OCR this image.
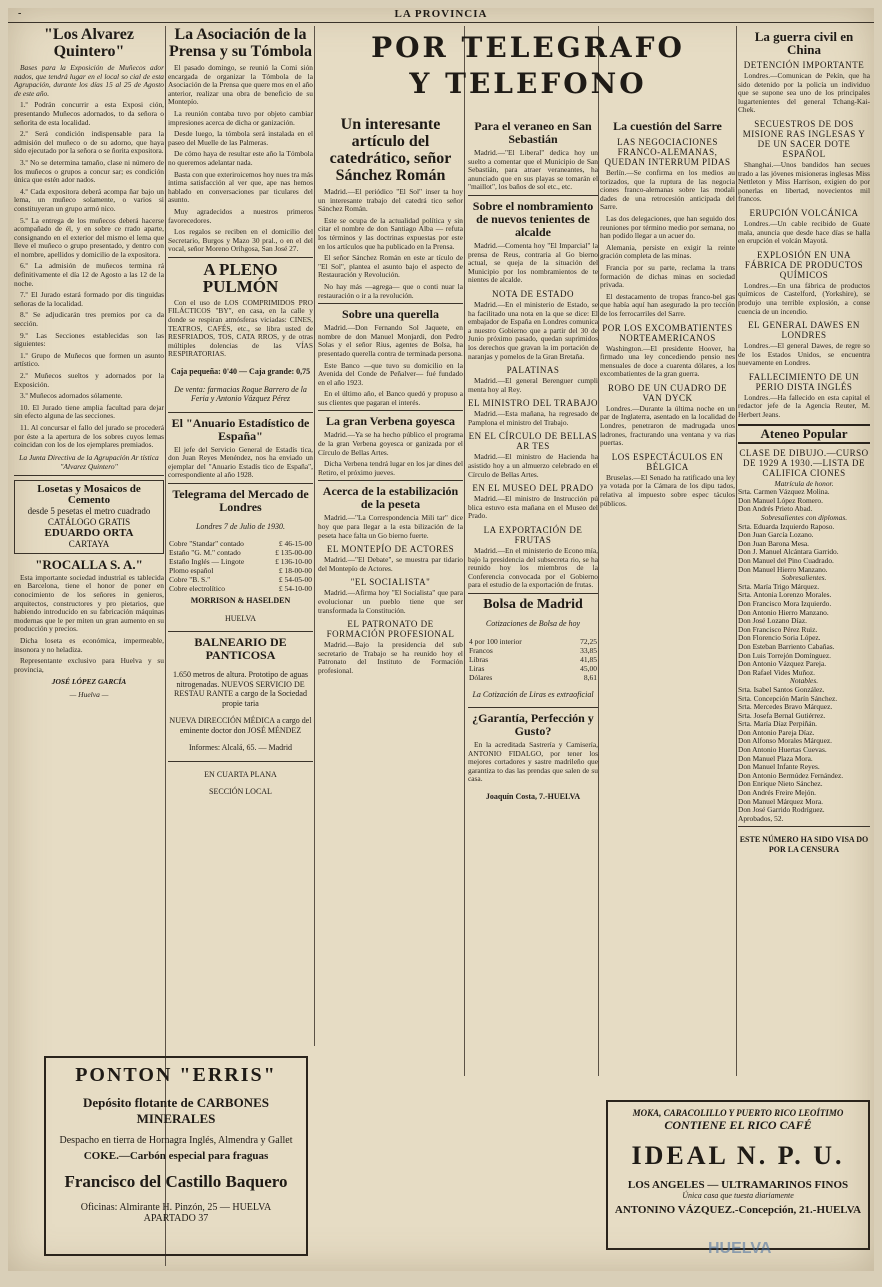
-	LA PROVINCIA
"Los Alvarez Quintero"

Bases para la Exposición de Muñecos ador nados, que tendrá lugar en el local so cial de esta Agrupación, durante los días 15 al 25 de Agosto de este año.

1.º Podrán concurrir a esta Exposi ción, presentando Muñecos adornados, to da señora o señorita de esta localidad.

2.º Será condición indispensable para la admisión del muñeco o de su adorno, que haya sido ejecutado por la señora o se ñorita expositora.

3.º No se determina tamaño, clase ni número de los muñecos o grupos a concur sar; es condición única que estén ador nados.

4.º Cada expositora deberá acompa ñar bajo un lema, un muñeco solamente, o varios si constituyeran un grupo armó nico.

5.º La entrega de los muñecos deberá hacerse acompañado de él, y en sobre ce rrado aparte, consignando en el exterior del mismo el lema que lleve el muñeco o grupo presentado, y dentro con el nombre, apellidos y domicilio de la expositora.

6.º La admisión de muñecos termina rá definitivamente el día 12 de Agosto a las 12 de la noche.

7.º El Jurado estará formado por dis tinguidas señoras de la localidad.

8.º Se adjudicarán tres premios por ca da sección.

9.º Las Secciones establecidas son las siguientes:

1.º Grupo de Muñecos que formen un asunto artístico.

2.º Muñecos sueltos y adornados por la Exposición.

3.º Muñecos adornados sólamente.

10. El Jurado tiene amplia facultad para dejar sin efecto alguna de las secciones.

11. Al concursar el fallo del jurado se procederá por éste a la apertura de los sobres cuyos lemas coincidan con los de los ejemplares premiados.

La Junta Directiva de la Agrupación Ar tística "Alvarez Quintero"

Losetas y Mosaicos de Cemento
desde 5 pesetas el metro cuadrado
CATÁLOGO GRATIS
EDUARDO ORTA
CARTAYA
"ROCALLA S. A."

Esta importante sociedad industrial es tablecida en Barcelona, tiene el honor de poner en conocimiento de los señores in genieros, arquitectos, constructores y pro pietarios, que habiendo introducido en su fabricación máquinas modernas que le per miten un gran aumento en su producción y precios.

Dicha loseta es económica, impermeable, insonora y no heladiza.

Representante exclusivo para Huelva y su provincia,

JOSÉ LÓPEZ GARCÍA

— Huelva —

La Asociación de la Prensa y su Tómbola

El pasado domingo, se reunió la Comi sión encargada de organizar la Tómbola de la Asociación de la Prensa que quere mos en el año anterior, realizar una obra de beneficio de su Montepío.

La reunión contaba tuvo por objeto cambiar impresiones acerca de dicha or ganización.

Desde luego, la tómbola será instalada en el paseo del Muelle de las Palmeras.

De cómo haya de resultar este año la Tómbola no queremos adelantar nada.

Basta con que exteriroicemos hoy nues tra más íntima satisfacción al ver que, ape nas hemos hablado en conversaciones par ticulares del asunto.

Muy agradecidos a nuestros primeros favorecedores.

Los regalos se reciben en el domicilio del Secretario, Burgos y Mazo 30 pral., o en el del vocal, señor Moreno Orihgosa, San José 27.

A PLENO PULMÓN

Con el uso de LOS COMPRIMIDOS PRO FILÁCTICOS "BY", en casa, en la calle y donde se respiran atmósferas viciadas: CINES, TEATROS, CAFÉS, etc., se libra usted de RESFRIADOS, TOS, CATA RROS, y de otras múltiples dolencias de las VÍAS RESPIRATORIAS.

Caja pequeña: 0'40 — Caja grande: 0,75

De venta: farmacias Roque Barrero de la Feria y Antonio Vázquez Pérez

El "Anuario Estadístico de España"

El jefe del Servicio General de Estadís tica, don Juan Reyes Menéndez, nos ha enviado un ejemplar del "Anuario Estadís tico de España", correspondiente al año 1928.

Telegrama del Mercado de Londres

Londres 7 de Julio de 1930.

Cobre "Standar" contado	£ 46-15-00
Estaño "G. M." contado	£ 135-00-00
Estaño Inglés — Lingote	£ 136-10-00
Plomo español	£ 18-00-00
Cobre "B. S."	£ 54-05-00
Cobre electrolítico	£ 54-10-00

MORRISON & HASELDEN

HUELVA

BALNEARIO DE PANTICOSA

1.650 metros de altura. Prototipo de aguas nitrogenadas. NUEVOS SERVICIO DE RESTAU RANTE a cargo de la Sociedad propie taria

NUEVA DIRECCIÓN MÉDICA a cargo del eminente doctor don JOSÉ MÉNDEZ

Informes: Alcalá, 65. — Madrid

EN CUARTA PLANA

SECCIÓN LOCAL

POR TELEGRAFO
Y TELEFONO
Un interesante artículo del catedrático, señor Sánchez Román

Madrid.—El periódico "El Sol" inser ta hoy un interesante trabajo del catedrá tico señor Sánchez Román.

Este se ocupa de la actualidad política y sin citar el nombre de don Santiago Alba — refuta los términos y las doctrinas expuestas por este en los artículos que ha publicado en la Prensa.

El señor Sánchez Román en este ar tículo de "El Sol", plantea el asunto bajo el aspecto de Restauración y Revolución.

No hay más —agrega— que o conti nuar la restauración o ir a la revolución.

Sobre una querella

Madrid.—Don Fernando Sol Jaquete, en nombre de don Manuel Monjardi, don Pedro Solas y el señor Rius, agentes de Bolsa, ha presentado querella contra de terminada persona.

Este Banco —que tuvo su domicilio en la Avenida del Conde de Peñalver— fué fundado en el año 1923.

En el último año, el Banco quedó y propuso a sus clientes que pagaran el interés.

La gran Verbena goyesca

Madrid.—Ya se ha hecho público el programa de la gran Verbena goyesca or ganizada por el Círculo de Bellas Artes.

Dicha Verbena tendrá lugar en los jar dines del Retiro, el próximo jueves.

Acerca de la estabilización de la peseta

Madrid.—"La Correspondencia Mili tar" dice hoy que para llegar a la esta bilización de la peseta hace falta un Go bierno fuerte.

EL MONTEPÍO DE ACTORES

Madrid.—"El Debate", se muestra par tidario del Montepío de Actores.

"EL SOCIALISTA"

Madrid.—Afirma hoy "El Socialista" que para evolucionar un pueblo tiene que ser transformada la Constitución.

EL PATRONATO DE FORMACIÓN PROFESIONAL

Madrid.—Bajo la presidencia del sub secretario de Trabajo se ha reunido hoy el Patronato del Instituto de Formación profesional.

Para el veraneo en San Sebastián

Madrid.—"El Liberal" dedica hoy un suelto a comentar que el Municipio de San Sebastián, para atraer veraneantes, ha anunciado que en sus playas se tomarán el "maillot", los baños de sol etc., etc.

Sobre el nombramiento de nuevos tenientes de alcalde

Madrid.—Comenta hoy "El Imparcial" la prensa de Reus, contraria al Go bierno actual, se queja de la situación del Municipio por los nombramientos de te nientes de alcalde.

NOTA DE ESTADO

Madrid.—En el ministerio de Estado, se ha facilitado una nota en la que se dice: El embajador de España en Londres comunica a nuestro Gobierno que a partir del 30 de Junio próximo pasado, quedan suprimidos los derechos que gravan la im portación de naranjas y pomelos de la Gran Bretaña.

PALATINAS

Madrid.—El general Berenguer cumpli menta hoy al Rey.

EL MINISTRO DEL TRABAJO

Madrid.—Esta mañana, ha regresado de Pamplona el ministro del Trabajo.

EN EL CÍRCULO DE BELLAS AR TES

Madrid.—El ministro de Hacienda ha asistido hoy a un almuerzo celebrado en el Círculo de Bellas Artes.

EN EL MUSEO DEL PRADO

Madrid.—El ministro de Instrucción pú blica estuvo esta mañana en el Museo del Prado.

LA EXPORTACIÓN DE FRUTAS

Madrid.—En el ministerio de Econo mía, bajo la presidencia del subsecreta rio, se ha reunido hoy los miembros de la Conferencia convocada por el Gobierno para el estudio de la exportación de frutas.

Bolsa de Madrid

Cotizaciones de Bolsa de hoy

4 por 100 interior	72,25
Francos	33,85
Libras	41,85
Liras	45,00
Dólares	8,61

La Cotización de Liras es extraoficial

¿Garantía, Perfección y Gusto?

En la acreditada Sastrería y Camisería, ANTONIO FIDALGO, por tener los mejores cortadores y sastre madrileño que garantiza to das las prendas que salen de su casa.

Joaquín Costa, 7.-HUELVA

La cuestión del Sarre
LAS NEGOCIACIONES FRANCO-ALEMANAS, QUEDAN INTERRUM PIDAS

Berlín.—Se confirma en los medios au torizados, que la ruptura de las negocia ciones franco-alemanas sobre las modali dades de una retrocesión anticipada del Sarre.

Las dos delegaciones, que han seguido dos reuniones por término medio por semana, no han podido llegar a un acuer do.

Alemania, persiste en exigir la reinte gración completa de las minas.

Francia por su parte, reclama la trans formación de dichas minas en sociedad privada.

El destacamento de tropas franco-bel gas que había aquí han asegurado la pro tección de los ferrocarriles del Sarre.

POR LOS EXCOMBATIENTES NORTEAMERICANOS

Washington.—El presidente Hoover, ha firmado una ley concediendo pensio nes mensuales de doce a cuarenta dólares, a los excombatientes de la gran guerra.

ROBO DE UN CUADRO DE VAN DYCK

Londres.—Durante la última noche en un par de Inglaterra, asentado en la localidad de Londres, penetraron de madrugada unos ladrones, fracturando una ventana y va rias puertas.

LOS ESPECTÁCULOS EN BÉLGICA

Bruselas.—El Senado ha ratificado una ley ya votada por la Cámara de los dipu tados, relativa al impuesto sobre espec táculos públicos.

La guerra civil en China
DETENCIÓN IMPORTANTE

Londres.—Comunican de Pekín, que ha sido detenido por la policía un individuo que se supone sea uno de los principales lugartenientes del general Tchang-Kai-Chek.

SECUESTROS DE DOS MISIONE RAS INGLESAS Y DE UN SACER DOTE ESPAÑOL

Shanghai.—Unos bandidos han secues trado a las jóvenes misioneras inglesas Miss Nettleton y Miss Harrison, exigien do por ponerlas en libertad, novecientos mil francos.

ERUPCIÓN VOLCÁNICA

Londres.—Un cable recibido de Guate mala, anuncia que desde hace días se halla en erupción el volcán Mayotá.

EXPLOSIÓN EN UNA FÁBRICA DE PRODUCTOS QUÍMICOS

Londres.—En una fábrica de productos químicos de Castelford, (Yorkshire), se produjo una terrible explosión, a conse cuencia de un incendio.

EL GENERAL DAWES EN LONDRES

Londres.—El general Dawes, de regre so de los Estados Unidos, se encuentra nuevamente en Londres.

FALLECIMIENTO DE UN PERIO DISTA INGLÉS

Londres.—Ha fallecido en esta capital el redactor jefe de la Agencia Reuter, M. Herbert Jeans.

Ateneo Popular
CLASE DE DIBUJO.—CURSO DE 1929 A 1930.—LISTA DE CALIFICA CIONES
Matrícula de honor.
Srta. Carmen Vázquez Molina.
Don Manuel López Romero.
Don Andrés Prieto Abad.
Sobresalientes con diplomas.
Srta. Eduarda Izquierdo Raposo.
Don Juan García Lozano.
Don Juan Barona Mesa.
Don J. Manuel Alcántara Garrido.
Don Manuel del Pino Cuadrado.
Don Manuel Hierro Manzano.
Sobresalientes.
Srta. María Trigo Márquez.
Srta. Antonia Lorenzo Morales.
Don Francisco Mora Izquierdo.
Don Antonio Hierro Manzano.
Don José Lozano Díaz.
Don Francisco Pérez Ruiz.
Don Florencio Soria López.
Don Esteban Barriento Cabañas.
Don Luis Torrejón Domínguez.
Don Antonio Vázquez Pareja.
Don Rafael Vides Muñoz.
Notables.
Srta. Isabel Santos González.
Srta. Concepción Marín Sánchez.
Srta. Mercedes Bravo Márquez.
Srta. Josefa Bernal Gutiérrez.
Srta. María Díaz Perpiñán.
Don Antonio Pareja Díaz.
Don Alfonso Morales Márquez.
Don Antonio Huertas Cuevas.
Don Manuel Plaza Mora.
Don Manuel Infante Reyes.
Don Antonio Bermúdez Fernández.
Don Enrique Nieto Sánchez.
Don Andrés Freire Mejón.
Don Manuel Márquez Mora.
Don José Garrido Rodríguez.
Aprobados, 52.

ESTE NÚMERO HA SIDO VISA DO POR LA CENSURA

PONTON "ERRIS"
Depósito flotante de CARBONES MINERALES
Despacho en tierra de Hornagra Inglés, Almendra y Gallet
COKE.—Carbón especial para fraguas
Francisco del Castillo Baquero
Oficinas: Almirante H. Pinzón, 25 — HUELVA
APARTADO 37
MOKA, CARACOLILLO Y PUERTO RICO LEOÍTIMO
CONTIENE EL RICO CAFÉ
IDEAL N. P. U.
LOS ANGELES — ULTRAMARINOS FINOS
Única casa que tuesta diariamente
ANTONINO VÁZQUEZ.-Concepción, 21.-HUELVA
HUELVA
